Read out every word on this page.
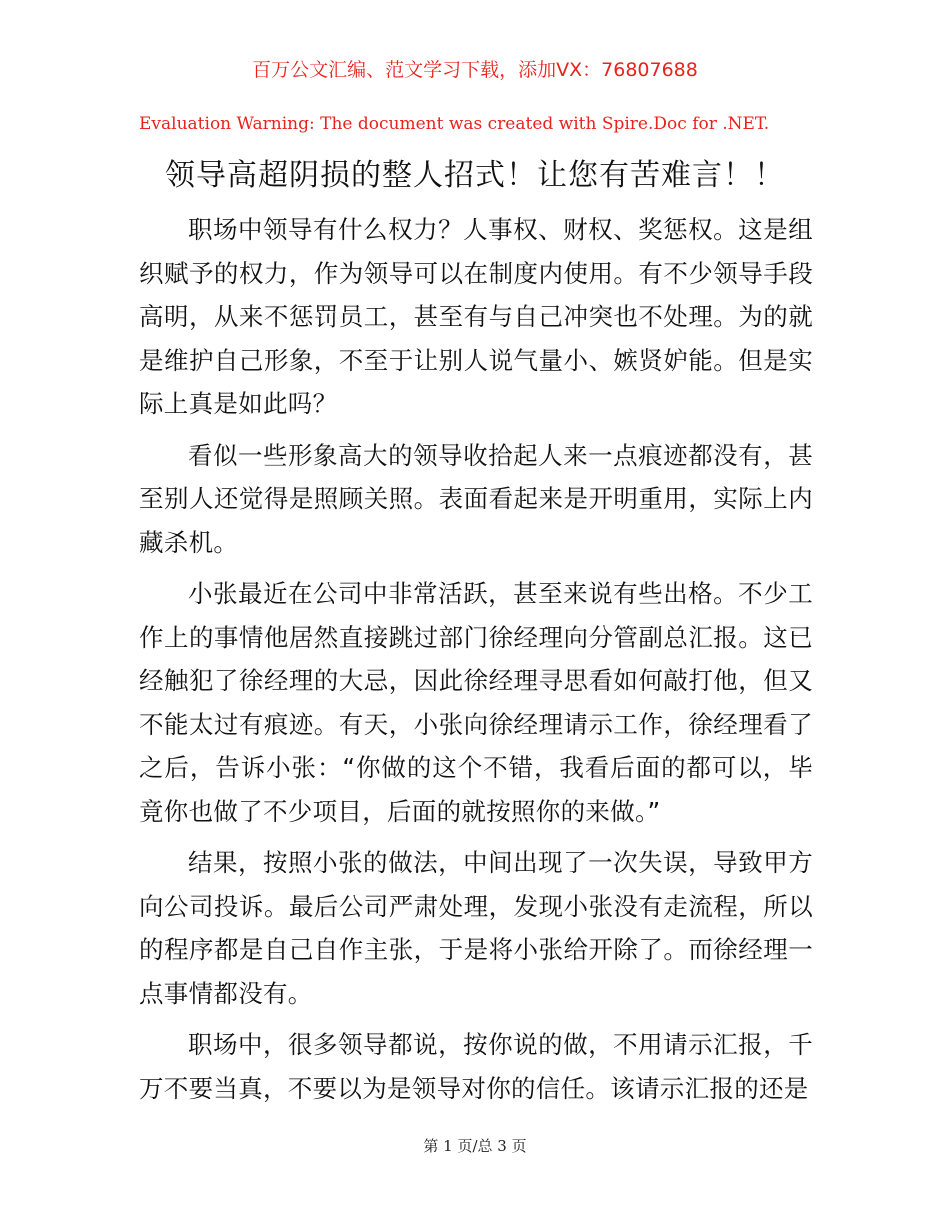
百万公文汇编、范文学习下载，添加VX：76807688
Evaluation Warning: The document was created with Spire.Doc for .NET.
领导高超阴损的整人招式！让您有苦难言！！

职场中领导有什么权力？人事权、财权、奖惩权。这是组织赋予的权力，作为领导可以在制度内使用。有不少领导手段高明，从来不惩罚员工，甚至有与自己冲突也不处理。为的就是维护自己形象，不至于让别人说气量小、嫉贤妒能。但是实际上真是如此吗？

看似一些形象高大的领导收拾起人来一点痕迹都没有，甚至别人还觉得是照顾关照。表面看起来是开明重用，实际上内藏杀机。

小张最近在公司中非常活跃，甚至来说有些出格。不少工作上的事情他居然直接跳过部门徐经理向分管副总汇报。这已经触犯了徐经理的大忌，因此徐经理寻思看如何敲打他，但又不能太过有痕迹。有天，小张向徐经理请示工作，徐经理看了之后，告诉小张：“你做的这个不错，我看后面的都可以，毕竟你也做了不少项目，后面的就按照你的来做。”

结果，按照小张的做法，中间出现了一次失误，导致甲方向公司投诉。最后公司严肃处理，发现小张没有走流程，所以的程序都是自己自作主张，于是将小张给开除了。而徐经理一点事情都没有。

职场中，很多领导都说，按你说的做，不用请示汇报，千万不要当真，不要以为是领导对你的信任。该请示汇报的还是

第 1 页/总 3 页
